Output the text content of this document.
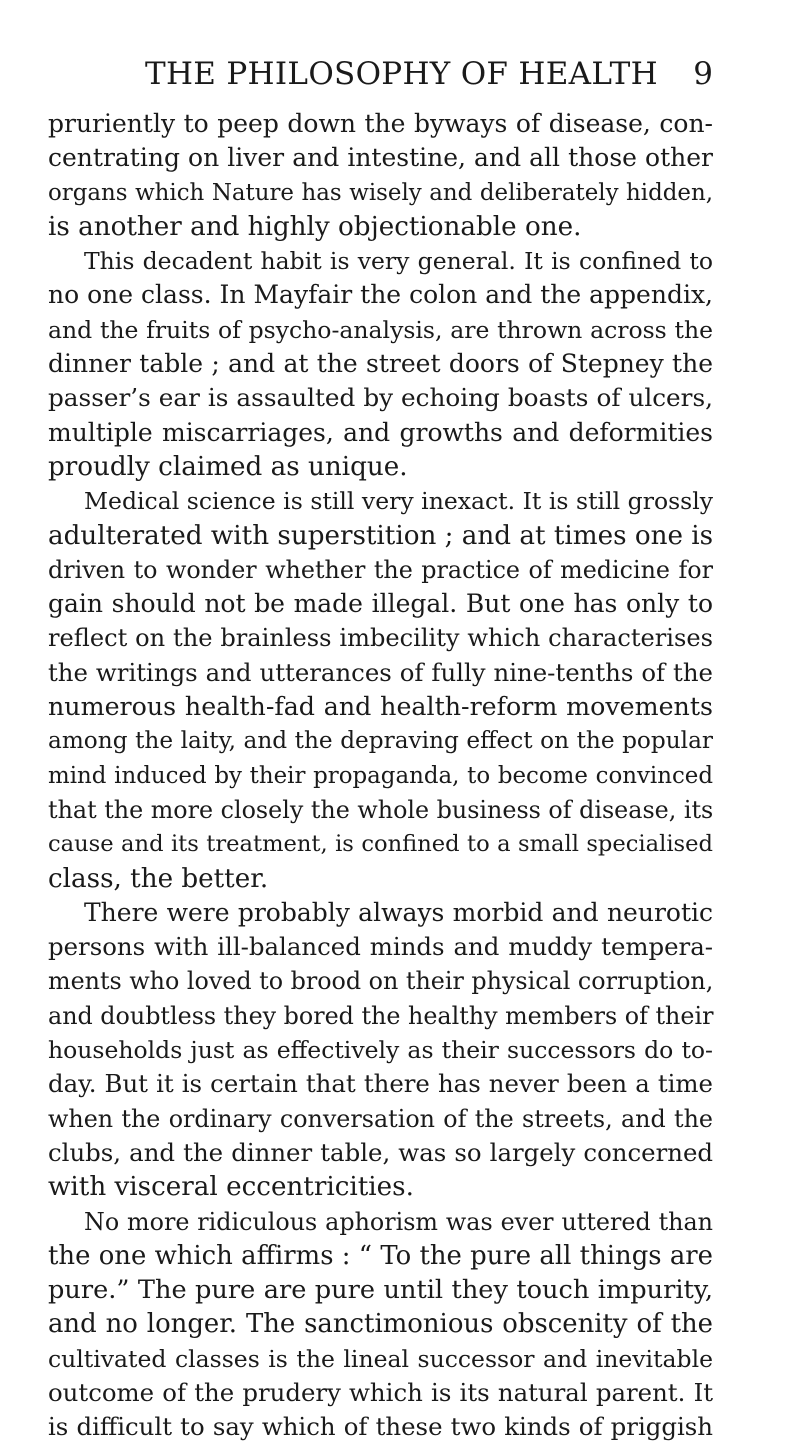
THE PHILOSOPHY OF HEALTH 9
pruriently to peep down the byways of disease, con-
centrating on liver and intestine, and all those other
organs which Nature has wisely and deliberately hidden,
is another and highly objectionable one.
This decadent habit is very general. It is confined to
no one class. In Mayfair the colon and the appendix,
and the fruits of psycho-analysis, are thrown across the
dinner table ; and at the street doors of Stepney the
passer’s ear is assaulted by echoing boasts of ulcers,
multiple miscarriages, and growths and deformities
proudly claimed as unique.
Medical science is still very inexact. It is still grossly
adulterated with superstition ; and at times one is
driven to wonder whether the practice of medicine for
gain should not be made illegal. But one has only to
reflect on the brainless imbecility which characterises
the writings and utterances of fully nine-tenths of the
numerous health-fad and health-reform movements
among the laity, and the depraving effect on the popular
mind induced by their propaganda, to become convinced
that the more closely the whole business of disease, its
cause and its treatment, is confined to a small specialised
class, the better.
There were probably always morbid and neurotic
persons with ill-balanced minds and muddy tempera-
ments who loved to brood on their physical corruption,
and doubtless they bored the healthy members of their
households just as effectively as their successors do to-
day. But it is certain that there has never been a time
when the ordinary conversation of the streets, and the
clubs, and the dinner table, was so largely concerned
with visceral eccentricities.
No more ridiculous aphorism was ever uttered than
the one which affirms : “ To the pure all things are
pure.” The pure are pure until they touch impurity,
and no longer. The sanctimonious obscenity of the
cultivated classes is the lineal successor and inevitable
outcome of the prudery which is its natural parent. It
is difficult to say which of these two kinds of priggish
